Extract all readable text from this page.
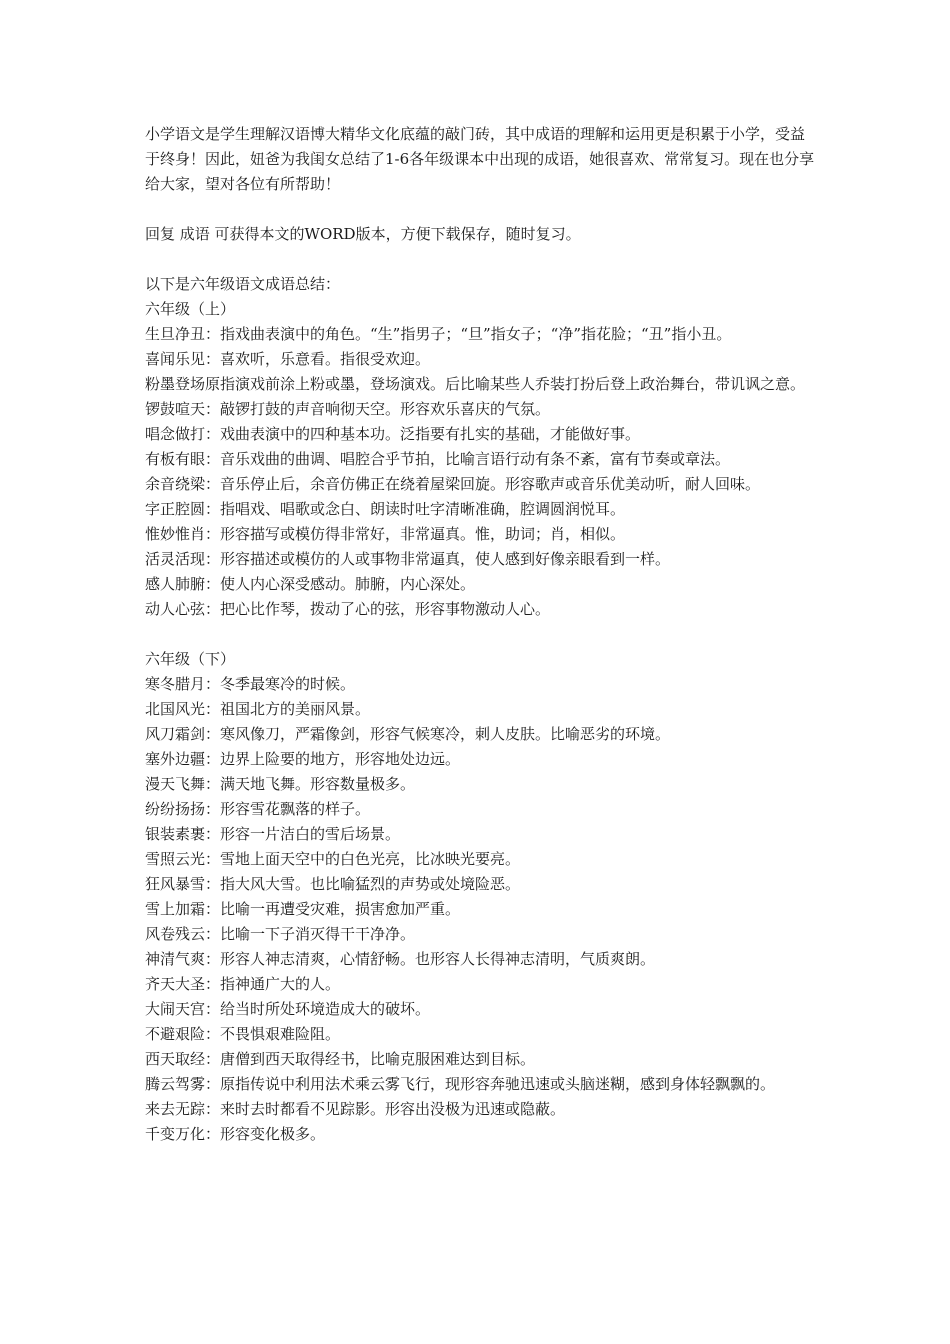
小学语文是学生理解汉语博大精华文化底蕴的敲门砖，其中成语的理解和运用更是积累于小学，受益于终身！因此，妞爸为我闺女总结了1-6各年级课本中出现的成语，她很喜欢、常常复习。现在也分享给大家，望对各位有所帮助！

回复 成语 可获得本文的WORD版本，方便下载保存，随时复习。

以下是六年级语文成语总结：

六年级（上）

生旦净丑：指戏曲表演中的角色。“生”指男子；“旦”指女子；“净”指花脸；“丑”指小丑。

喜闻乐见：喜欢听，乐意看。指很受欢迎。

粉墨登场原指演戏前涂上粉或墨，登场演戏。后比喻某些人乔装打扮后登上政治舞台，带讥讽之意。

锣鼓喧天：敲锣打鼓的声音响彻天空。形容欢乐喜庆的气氛。

唱念做打：戏曲表演中的四种基本功。泛指要有扎实的基础，才能做好事。

有板有眼：音乐戏曲的曲调、唱腔合乎节拍，比喻言语行动有条不紊，富有节奏或章法。

余音绕梁：音乐停止后，余音仿佛正在绕着屋梁回旋。形容歌声或音乐优美动听，耐人回味。

字正腔圆：指唱戏、唱歌或念白、朗读时吐字清晰准确，腔调圆润悦耳。

惟妙惟肖：形容描写或模仿得非常好，非常逼真。惟，助词；肖，相似。

活灵活现：形容描述或模仿的人或事物非常逼真，使人感到好像亲眼看到一样。

感人肺腑：使人内心深受感动。肺腑，内心深处。

动人心弦：把心比作琴，拨动了心的弦，形容事物激动人心。

六年级（下）

寒冬腊月：冬季最寒冷的时候。

北国风光：祖国北方的美丽风景。

风刀霜剑：寒风像刀，严霜像剑，形容气候寒冷，刺人皮肤。比喻恶劣的环境。

塞外边疆：边界上险要的地方，形容地处边远。

漫天飞舞：满天地飞舞。形容数量极多。

纷纷扬扬：形容雪花飘落的样子。

银装素裹：形容一片洁白的雪后场景。

雪照云光：雪地上面天空中的白色光亮，比冰映光要亮。

狂风暴雪：指大风大雪。也比喻猛烈的声势或处境险恶。

雪上加霜：比喻一再遭受灾难，损害愈加严重。

风卷残云：比喻一下子消灭得干干净净。

神清气爽：形容人神志清爽，心情舒畅。也形容人长得神志清明，气质爽朗。

齐天大圣：指神通广大的人。

大闹天宫：给当时所处环境造成大的破坏。

不避艰险：不畏惧艰难险阻。

西天取经：唐僧到西天取得经书，比喻克服困难达到目标。

腾云驾雾：原指传说中利用法术乘云雾飞行，现形容奔驰迅速或头脑迷糊，感到身体轻飘飘的。

来去无踪：来时去时都看不见踪影。形容出没极为迅速或隐蔽。

千变万化：形容变化极多。
